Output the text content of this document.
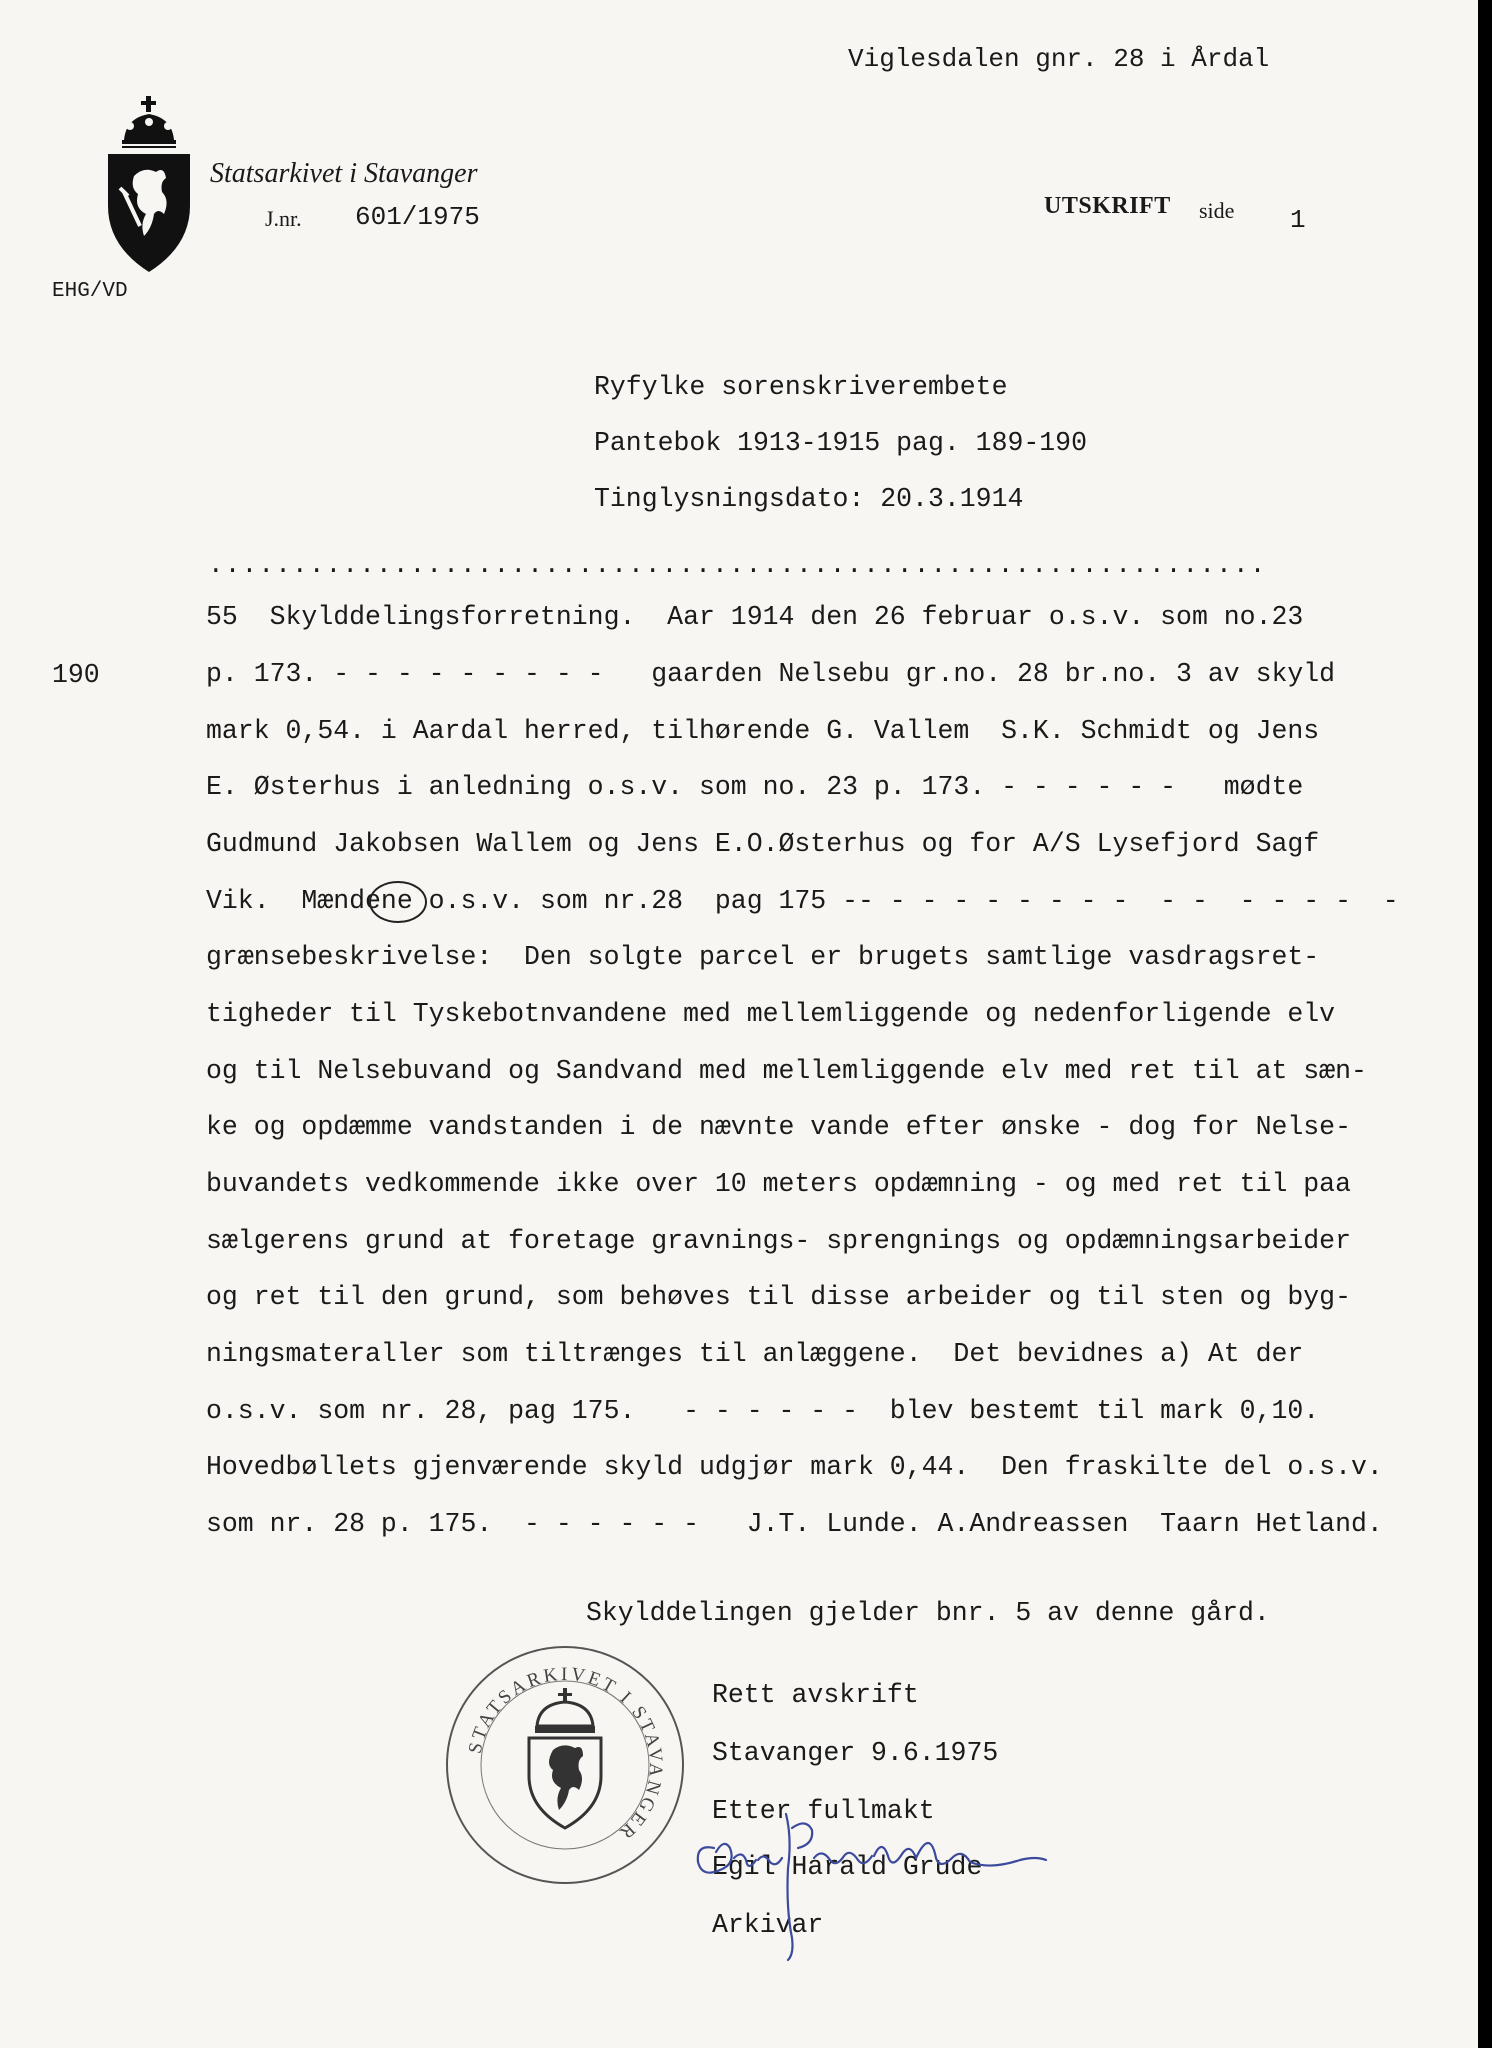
Viglesdalen gnr. 28 i Årdal
Statsarkivet i Stavanger
J.nr. 601/1975	UTSKRIFT side 1
EHG/VD
Ryfylke sorenskriverembete
Pantebok 1913-1915 pag. 189-190
Tinglysningsdato: 20.3.1914
...............................................................
190
55  Skylddelingsforretning.  Aar 1914 den 26 februar o.s.v. som no.23
p. 173. - - - - - - - - -   gaarden Nelsebu gr.no. 28 br.no. 3 av skyld
mark 0,54. i Aardal herred, tilhørende G. Vallem  S.K. Schmidt og Jens
E. Østerhus i anledning o.s.v. som no. 23 p. 173. - - - - - -   mødte
Gudmund Jakobsen Wallem og Jens E.O.Østerhus og for A/S Lysefjord Sagf
Vik.  Mændene o.s.v. som nr.28  pag 175 -- - - - - - - - -  - -  - - - -  -
grænsebeskrivelse:  Den solgte parcel er brugets samtlige vasdragsret-
tigheder til Tyskebotnvandene med mellemliggende og nedenforligende elv
og til Nelsebuvand og Sandvand med mellemliggende elv med ret til at sæn-
ke og opdæmme vandstanden i de nævnte vande efter ønske - dog for Nelse-
buvandets vedkommende ikke over 10 meters opdæmning - og med ret til paa
sælgerens grund at foretage gravnings- sprengnings og opdæmningsarbeider
og ret til den grund, som behøves til disse arbeider og til sten og byg-
ningsmateraller som tiltrænges til anlæggene.  Det bevidnes a) At der
o.s.v. som nr. 28, pag 175.   - - - - - -  blev bestemt til mark 0,10.
Hovedbøllets gjenværende skyld udgjør mark 0,44.  Den fraskilte del o.s.v.
som nr. 28 p. 175.  - - - - - -   J.T. Lunde. A.Andreassen  Taarn Hetland.
Skylddelingen gjelder bnr. 5 av denne gård.
STATSARKIVET I STAVANGER
Rett avskrift
Stavanger 9.6.1975
Etter fullmakt
Egil Harald Grude
Arkivar
